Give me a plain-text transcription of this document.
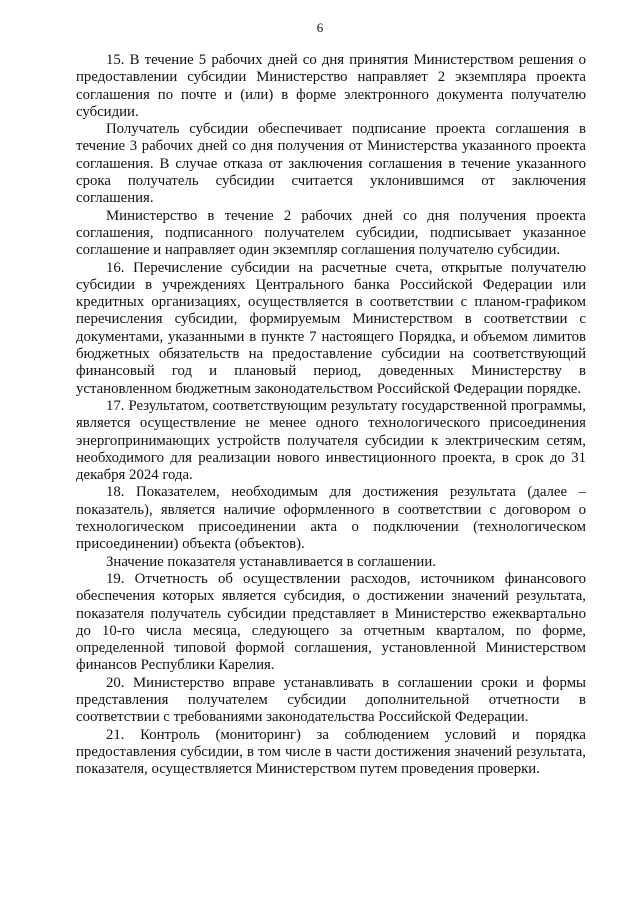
6

15. В течение 5 рабочих дней со дня принятия Министерством решения о предоставлении субсидии Министерство направляет 2 экземпляра проекта соглашения по почте и (или) в форме электронного документа получателю субсидии.

Получатель субсидии обеспечивает подписание проекта соглашения в течение 3 рабочих дней со дня получения от Министерства указанного проекта соглашения. В случае отказа от заключения соглашения в течение указанного срока получатель субсидии считается уклонившимся от заключения соглашения.

Министерство в течение 2 рабочих дней со дня получения проекта соглашения, подписанного получателем субсидии, подписывает указанное соглашение и направляет один экземпляр соглашения получателю субсидии.

16. Перечисление субсидии на расчетные счета, открытые получателю субсидии в учреждениях Центрального банка Российской Федерации или кредитных организациях, осуществляется в соответствии с планом-графиком перечисления субсидии, формируемым Министерством в соответствии с документами, указанными в пункте 7 настоящего Порядка, и объемом лимитов бюджетных обязательств на предоставление субсидии на соответствующий финансовый год и плановый период, доведенных Министерству в установленном бюджетным законодательством Российской Федерации порядке.

17. Результатом, соответствующим результату государственной программы, является осуществление не менее одного технологического присоединения энергопринимающих устройств получателя субсидии к электрическим сетям, необходимого для реализации нового инвестиционного проекта, в срок до 31 декабря 2024 года.

18. Показателем, необходимым для достижения результата (далее – показатель), является наличие оформленного в соответствии с договором о технологическом присоединении акта о подключении (технологическом присоединении) объекта (объектов).

Значение показателя устанавливается в соглашении.

19. Отчетность об осуществлении расходов, источником финансового обеспечения которых является субсидия, о достижении значений результата, показателя получатель субсидии представляет в Министерство ежеквартально до 10-го числа месяца, следующего за отчетным кварталом, по форме, определенной типовой формой соглашения, установленной Министерством финансов Республики Карелия.

20. Министерство вправе устанавливать в соглашении сроки и формы представления получателем субсидии дополнительной отчетности в соответствии с требованиями законодательства Российской Федерации.

21. Контроль (мониторинг) за соблюдением условий и порядка предоставления субсидии, в том числе в части достижения значений результата, показателя, осуществляется Министерством путем проведения проверки.
